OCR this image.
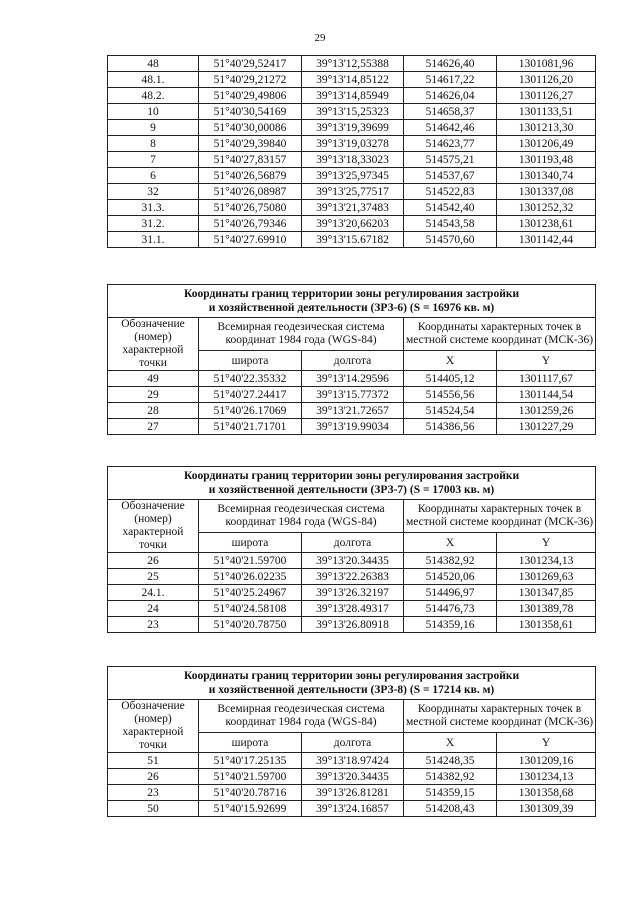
29
48	51°40'29,52417	39°13'12,55388	514626,40	1301081,96
48.1.	51°40'29,21272	39°13'14,85122	514617,22	1301126,20
48.2.	51°40'29,49806	39°13'14,85949	514626,04	1301126,27
10	51°40'30,54169	39°13'15,25323	514658,37	1301133,51
9	51°40'30,00086	39°13'19,39699	514642,46	1301213,30
8	51°40'29,39840	39°13'19,03278	514623,77	1301206,49
7	51°40'27,83157	39°13'18,33023	514575,21	1301193,48
6	51°40'26,56879	39°13'25,97345	514537,67	1301340,74
32	51°40'26,08987	39°13'25,77517	514522,83	1301337,08
31.3.	51°40'26,75080	39°13'21,37483	514542,40	1301252,32
31.2.	51°40'26,79346	39°13'20,66203	514543,58	1301238,61
31.1.	51°40'27.69910	39°13'15.67182	514570,60	1301142,44
Координаты границ территории зоны регулирования застройки
и хозяйственной деятельности (ЗРЗ-6) (S = 16976 кв. м)				

Обозначение (номер) характерной точки	Всемирная геодезическая система координат 1984 года (WGS-84)		Координаты характерных точек в местной системе координат (МСК-36)	
	широта	долгота	X	Y
49	51°40'22.35332	39°13'14.29596	514405,12	1301117,67
29	51°40'27.24417	39°13'15.77372	514556,56	1301144,54
28	51°40'26.17069	39°13'21.72657	514524,54	1301259,26
27	51°40'21.71701	39°13'19.99034	514386,56	1301227,29
Координаты границ территории зоны регулирования застройки
и хозяйственной деятельности (ЗРЗ-7) (S = 17003 кв. м)				

Обозначение (номер) характерной точки	Всемирная геодезическая система координат 1984 года (WGS-84)		Координаты характерных точек в местной системе координат (МСК-36)	
	широта	долгота	X	Y
26	51°40'21.59700	39°13'20.34435	514382,92	1301234,13
25	51°40'26.02235	39°13'22.26383	514520,06	1301269,63
24.1.	51°40'25.24967	39°13'26.32197	514496,97	1301347,85
24	51°40'24.58108	39°13'28.49317	514476,73	1301389,78
23	51°40'20.78750	39°13'26.80918	514359,16	1301358,61
Координаты границ территории зоны регулирования застройки
и хозяйственной деятельности (ЗРЗ-8) (S = 17214 кв. м)				

Обозначение (номер) характерной точки	Всемирная геодезическая система координат 1984 года (WGS-84)		Координаты характерных точек в местной системе координат (МСК-36)	
	широта	долгота	X	Y
51	51°40'17.25135	39°13'18.97424	514248,35	1301209,16
26	51°40'21.59700	39°13'20.34435	514382,92	1301234,13
23	51°40'20.78716	39°13'26.81281	514359,15	1301358,68
50	51°40'15.92699	39°13'24.16857	514208,43	1301309,39
